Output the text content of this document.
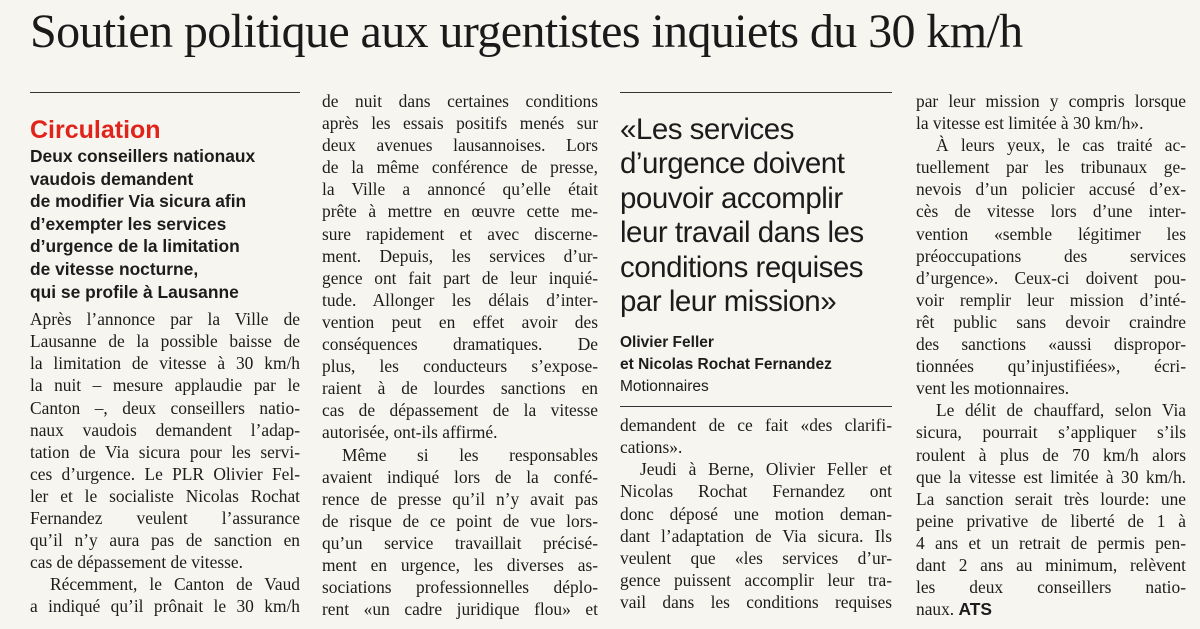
Soutien politique aux urgentistes inquiets du 30 km/h
Circulation
Deux conseillers nationaux
vaudois demandent
de modifier Via sicura afin
d’exempter les services
d’urgence de la limitation
de vitesse nocturne,
qui se profile à Lausanne
Après l’annonce par la Ville de
Lausanne de la possible baisse de
la limitation de vitesse à 30 km/h
la nuit – mesure applaudie par le
Canton –, deux conseillers natio-
naux vaudois demandent l’adap-
tation de Via sicura pour les servi-
ces d’urgence. Le PLR Olivier Fel-
ler et le socialiste Nicolas Rochat
Fernandez veulent l’assurance
qu’il n’y aura pas de sanction en
cas de dépassement de vitesse.
Récemment, le Canton de Vaud
a indiqué qu’il prônait le 30 km/h
de nuit dans certaines conditions
après les essais positifs menés sur
deux avenues lausannoises. Lors
de la même conférence de presse,
la Ville a annoncé qu’elle était
prête à mettre en œuvre cette me-
sure rapidement et avec discerne-
ment. Depuis, les services d’ur-
gence ont fait part de leur inquié-
tude. Allonger les délais d’inter-
vention peut en effet avoir des
conséquences dramatiques. De
plus, les conducteurs s’expose-
raient à de lourdes sanctions en
cas de dépassement de la vitesse
autorisée, ont-ils affirmé.
Même si les responsables
avaient indiqué lors de la confé-
rence de presse qu’il n’y avait pas
de risque de ce point de vue lors-
qu’un service travaillait précisé-
ment en urgence, les diverses as-
sociations professionnelles déplo-
rent «un cadre juridique flou» et
«Les services
d’urgence doivent
pouvoir accomplir
leur travail dans les
conditions requises
par leur mission»
Olivier Feller
et Nicolas Rochat Fernandez
Motionnaires
demandent de ce fait «des clarifi-
cations».
Jeudi à Berne, Olivier Feller et
Nicolas Rochat Fernandez ont
donc déposé une motion deman-
dant l’adaptation de Via sicura. Ils
veulent que «les services d’ur-
gence puissent accomplir leur tra-
vail dans les conditions requises
par leur mission y compris lorsque
la vitesse est limitée à 30 km/h».
À leurs yeux, le cas traité ac-
tuellement par les tribunaux ge-
nevois d’un policier accusé d’ex-
cès de vitesse lors d’une inter-
vention «semble légitimer les
préoccupations des services
d’urgence». Ceux-ci doivent pou-
voir remplir leur mission d’inté-
rêt public sans devoir craindre
des sanctions «aussi dispropor-
tionnées qu’injustifiées», écri-
vent les motionnaires.
Le délit de chauffard, selon Via
sicura, pourrait s’appliquer s’ils
roulent à plus de 70 km/h alors
que la vitesse est limitée à 30 km/h.
La sanction serait très lourde: une
peine privative de liberté de 1 à
4 ans et un retrait de permis pen-
dant 2 ans au minimum, relèvent
les deux conseillers natio-
naux. ATS
